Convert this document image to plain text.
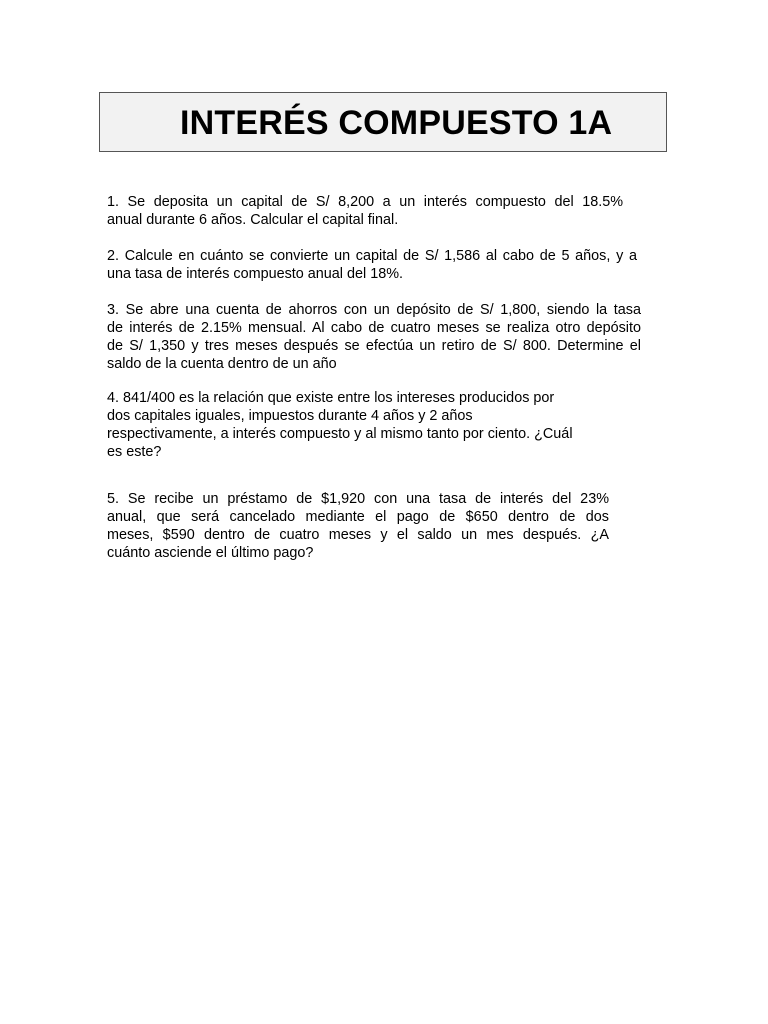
INTERÉS COMPUESTO 1A
1. Se deposita un capital de S/ 8,200 a un interés compuesto del 18.5%
anual durante 6 años. Calcular el capital final.
2. Calcule en cuánto se convierte un capital de S/ 1,586 al cabo de 5 años, y a
una tasa de interés compuesto anual del 18%.
3. Se abre una cuenta de ahorros con un depósito de S/ 1,800, siendo la tasa
de interés de 2.15% mensual. Al cabo de cuatro meses se realiza otro depósito
de S/ 1,350 y tres meses después se efectúa un retiro de S/ 800. Determine el
saldo de la cuenta dentro de un año
4. 841/400 es la relación que existe entre los intereses producidos por
dos capitales iguales, impuestos durante 4 años y 2 años
respectivamente, a interés compuesto y al mismo tanto por ciento. ¿Cuál
es este?
5. Se recibe un préstamo de $1,920 con una tasa de interés del 23%
anual, que será cancelado mediante el pago de $650 dentro de dos
meses, $590 dentro de cuatro meses y el saldo un mes después. ¿A
cuánto asciende el último pago?
